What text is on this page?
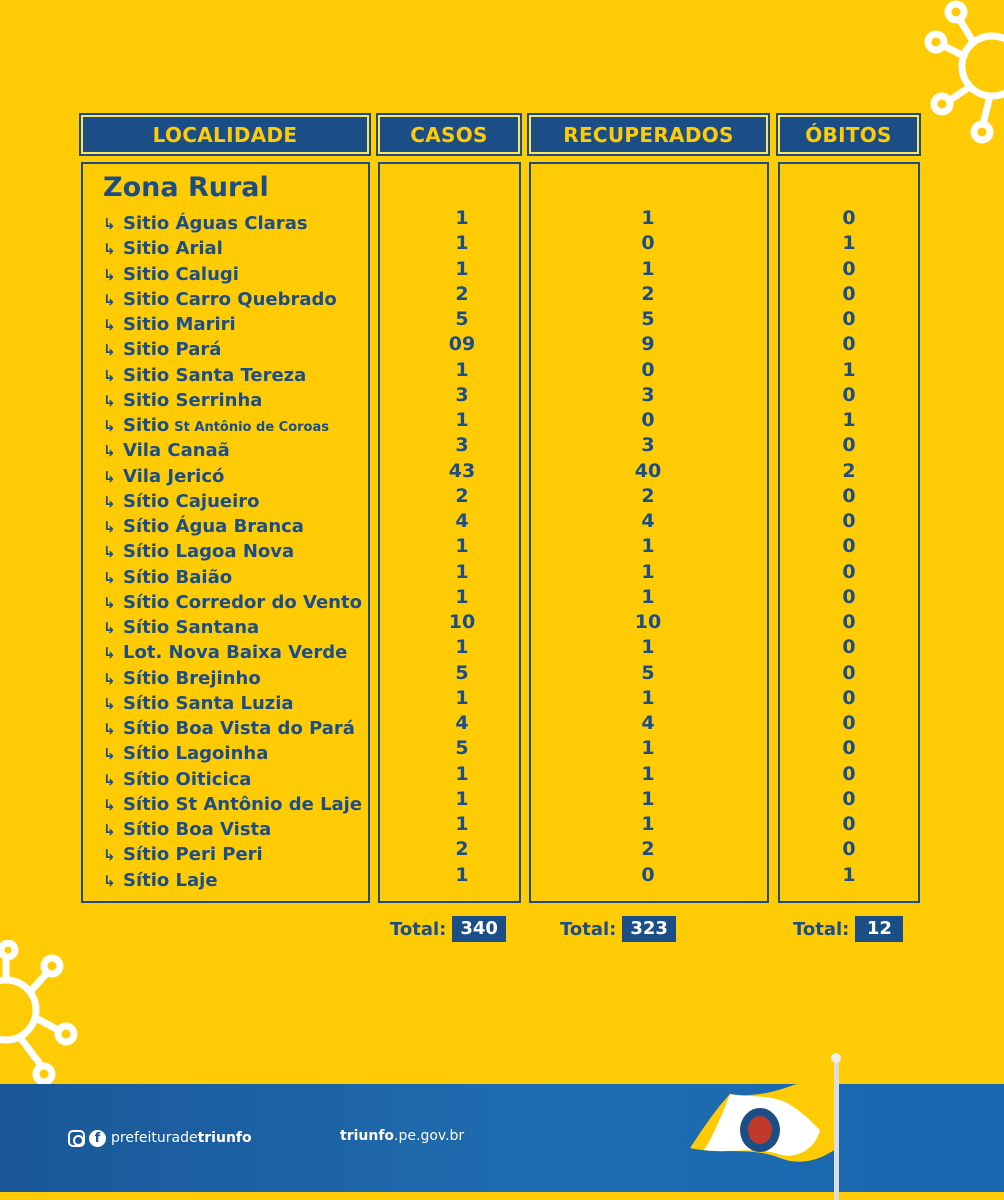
LOCALIDADE	CASOS	RECUPERADOS	ÓBITOS
Zona Rural
↳ Sitio Águas Claras	1	1	0
↳ Sitio Arial	1	0	1
↳ Sitio Calugi	1	1	0
↳ Sitio Carro Quebrado	2	2	0
↳ Sitio Mariri	5	5	0
↳ Sitio Pará	09	9	0
↳ Sitio Santa Tereza	1	0	1
↳ Sitio Serrinha	3	3	0
↳ Sitio St Antônio de Coroas	1	0	1
↳ Vila Canaã	3	3	0
↳ Vila Jericó	43	40	2
↳ Sítio Cajueiro	2	2	0
↳ Sítio Água Branca	4	4	0
↳ Sítio Lagoa Nova	1	1	0
↳ Sítio Baião	1	1	0
↳ Sítio Corredor do Vento	1	1	0
↳ Sítio Santana	10	10	0
↳ Lot. Nova Baixa Verde	1	1	0
↳ Sítio Brejinho	5	5	0
↳ Sítio Santa Luzia	1	1	0
↳ Sítio Boa Vista do Pará	4	4	0
↳ Sítio Lagoinha	5	1	0
↳ Sítio Oiticica	1	1	0
↳ Sítio St Antônio de Laje	1	1	0
↳ Sítio Boa Vista	1	1	0
↳ Sítio Peri Peri	2	2	0
↳ Sítio Laje	1	0	1
Total: 340	Total: 323	Total: 12
f prefeiturade triunfo	triunfo.pe.gov.br
